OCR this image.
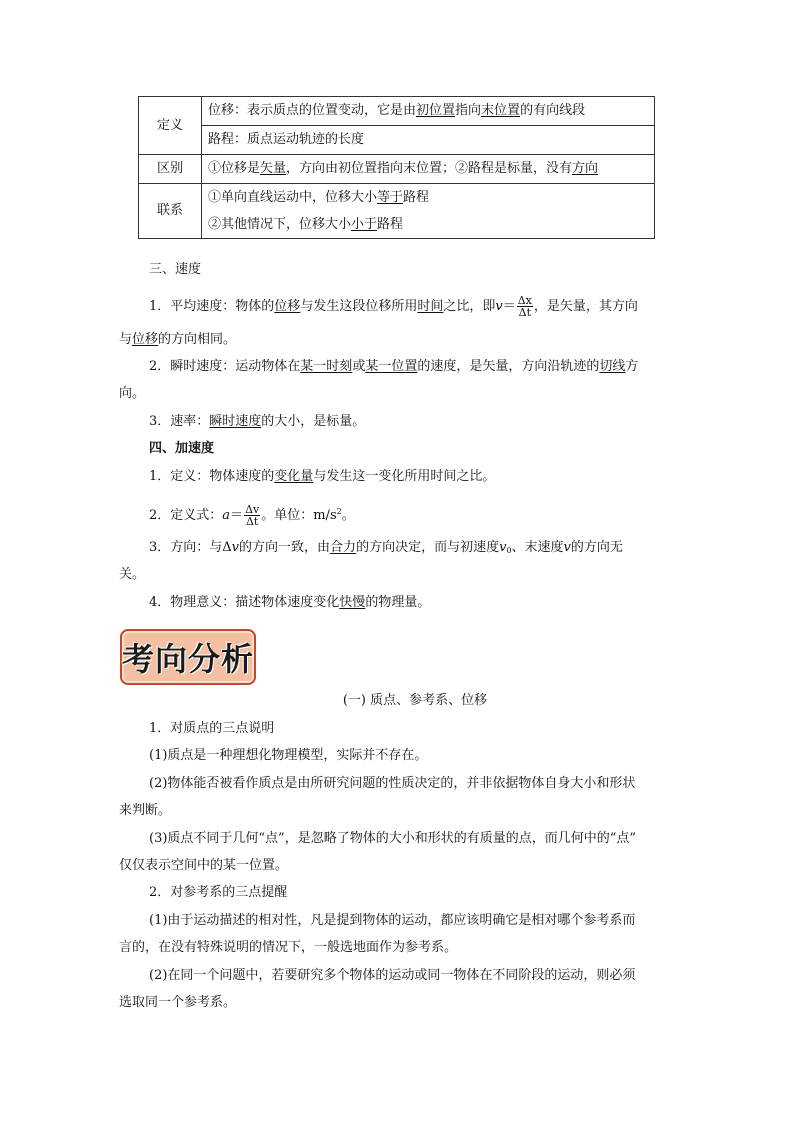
定义	位移：表示质点的位置变动，它是由初位置指向末位置的有向线段
	路程：质点运动轨迹的长度
区别	①位移是矢量，方向由初位置指向末位置；②路程是标量，没有方向
联系	①单向直线运动中，位移大小等于路程
②其他情况下，位移大小小于路程
三、速度
1．平均速度：物体的位移与发生这段位移所用时间之比，即$v= \frac{\Delta x}{\Delta t}$ ，是矢量，其方向
与位移的方向相同。
2．瞬时速度：运动物体在某一时刻或某一位置的速度，是矢量，方向沿轨迹的切线方
向。
3．速率：瞬时速度的大小，是标量。
四、加速度
1．定义：物体速度的变化量与发生这一变化所用时间之比。
2．定义式：$a= \frac{\Delta v}{\Delta t}$ 。单位：$m/s^2$。
3．方向：与Δv的方向一致，由合力的方向决定，而与初速度$v_0$、末速度v的方向无
关。
4．物理意义：描述物体速度变化快慢的物理量。
考向分析
(一) 质点、参考系、位移
1．对质点的三点说明
(1)质点是一种理想化物理模型，实际并不存在。
(2)物体能否被看作质点是由所研究问题的性质决定的，并非依据物体自身大小和形状
来判断。
(3)质点不同于几何“点”，是忽略了物体的大小和形状的有质量的点，而几何中的“点”
仅仅表示空间中的某一位置。
2．对参考系的三点提醒
(1)由于运动描述的相对性，凡是提到物体的运动，都应该明确它是相对哪个参考系而
言的，在没有特殊说明的情况下，一般选地面作为参考系。
(2)在同一个问题中，若要研究多个物体的运动或同一物体在不同阶段的运动，则必须
选取同一个参考系。
